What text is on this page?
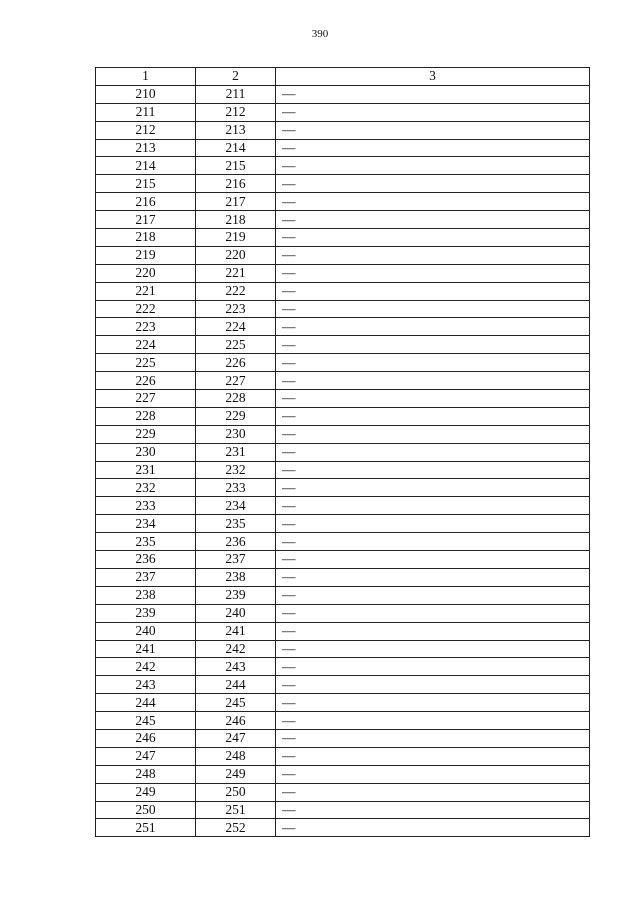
390
1	2	3
210	211	—
211	212	—
212	213	—
213	214	—
214	215	—
215	216	—
216	217	—
217	218	—
218	219	—
219	220	—
220	221	—
221	222	—
222	223	—
223	224	—
224	225	—
225	226	—
226	227	—
227	228	—
228	229	—
229	230	—
230	231	—
231	232	—
232	233	—
233	234	—
234	235	—
235	236	—
236	237	—
237	238	—
238	239	—
239	240	—
240	241	—
241	242	—
242	243	—
243	244	—
244	245	—
245	246	—
246	247	—
247	248	—
248	249	—
249	250	—
250	251	—
251	252	—
